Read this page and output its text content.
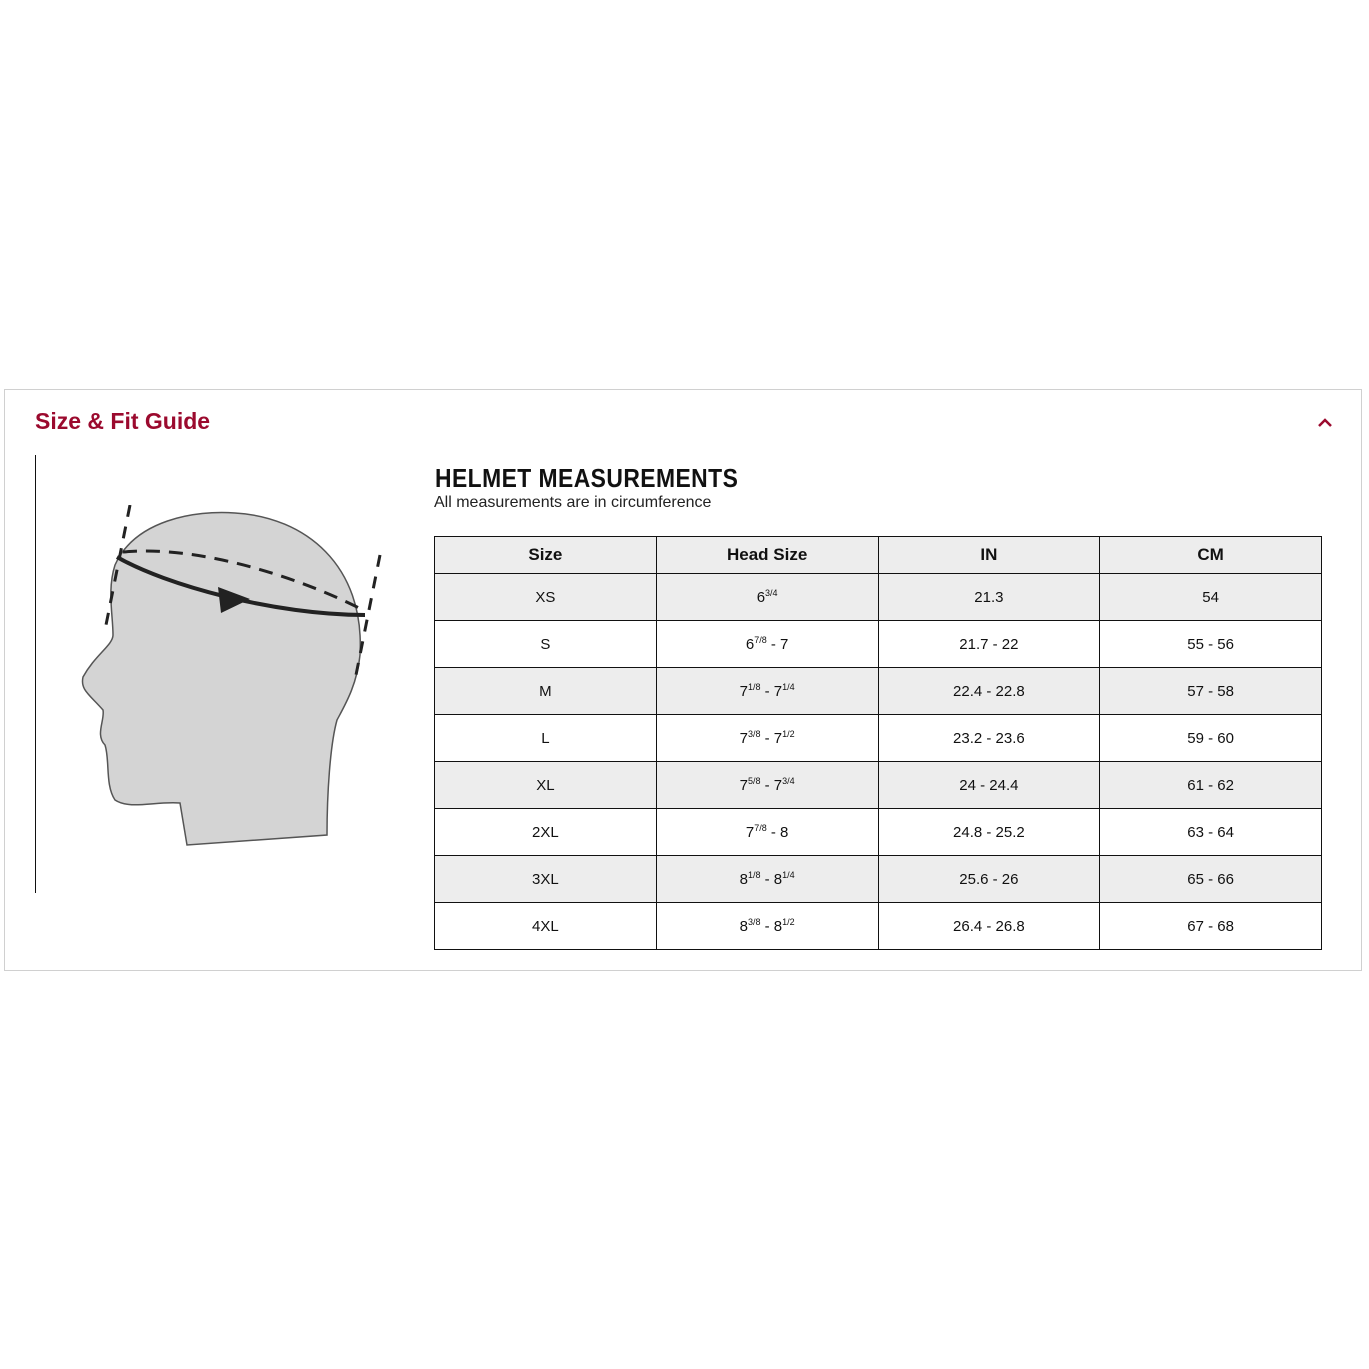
Size & Fit Guide
HELMET MEASUREMENTS
All measurements are in circumference
Size	Head Size	IN	CM
XS	$6^{3/4}$	21.3	54
S	$6^{7/8} - 7$	21.7 - 22	55 - 56
M	$7^{1/8} - 7^{1/4}$	22.4 - 22.8	57 - 58
L	$7^{3/8} - 7^{1/2}$	23.2 - 23.6	59 - 60
XL	$7^{5/8} - 7^{3/4}$	24 - 24.4	61 - 62
2XL	$7^{7/8} - 8$	24.8 - 25.2	63 - 64
3XL	$8^{1/8} - 8^{1/4}$	25.6 - 26	65 - 66
4XL	$8^{3/8} - 8^{1/2}$	26.4 - 26.8	67 - 68
